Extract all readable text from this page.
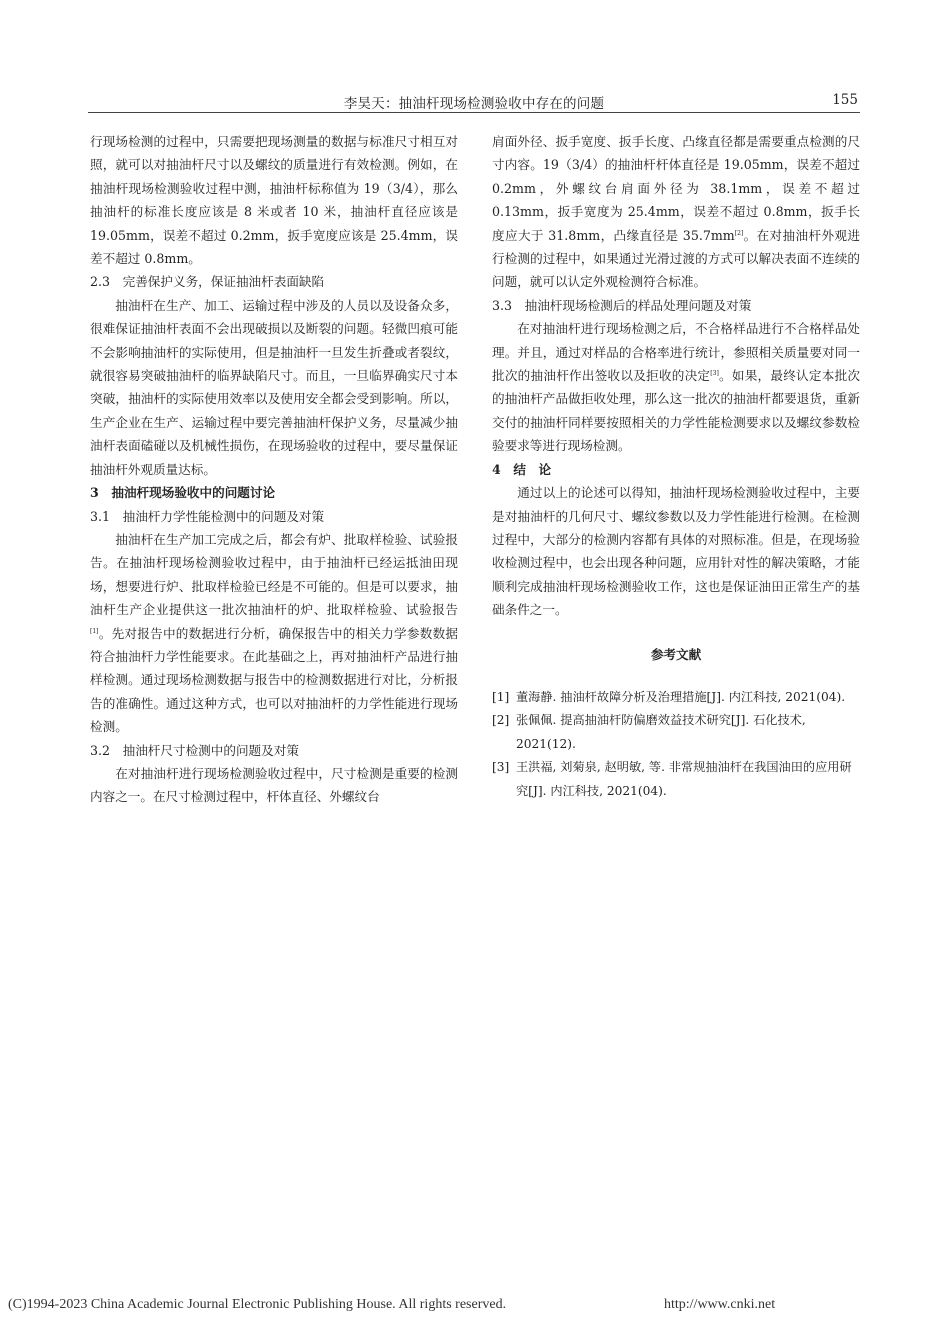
李昊天：抽油杆现场检测验收中存在的问题	155

行现场检测的过程中，只需要把现场测量的数据与标准尺寸相互对照，就可以对抽油杆尺寸以及螺纹的质量进行有效检测。例如，在抽油杆现场检测验收过程中测，抽油杆标称值为 19（3/4），那么抽油杆的标准长度应该是 8 米或者 10 米，抽油杆直径应该是 19.05mm，误差不超过 0.2mm，扳手宽度应该是 25.4mm，误差不超过 0.8mm。

2.3　完善保护义务，保证抽油杆表面缺陷

抽油杆在生产、加工、运输过程中涉及的人员以及设备众多，很难保证抽油杆表面不会出现破损以及断裂的问题。轻微凹痕可能不会影响抽油杆的实际使用，但是抽油杆一旦发生折叠或者裂纹，就很容易突破抽油杆的临界缺陷尺寸。而且，一旦临界确实尺寸本突破，抽油杆的实际使用效率以及使用安全都会受到影响。所以，生产企业在生产、运输过程中要完善抽油杆保护义务，尽量减少抽油杆表面磕碰以及机械性损伤，在现场验收的过程中，要尽量保证抽油杆外观质量达标。

3　抽油杆现场验收中的问题讨论
3.1　抽油杆力学性能检测中的问题及对策

抽油杆在生产加工完成之后，都会有炉、批取样检验、试验报告。在抽油杆现场检测验收过程中，由于抽油杆已经运抵油田现场，想要进行炉、批取样检验已经是不可能的。但是可以要求，抽油杆生产企业提供这一批次抽油杆的炉、批取样检验、试验报告[1]。先对报告中的数据进行分析，确保报告中的相关力学参数数据符合抽油杆力学性能要求。在此基础之上，再对抽油杆产品进行抽样检测。通过现场检测数据与报告中的检测数据进行对比，分析报告的准确性。通过这种方式，也可以对抽油杆的力学性能进行现场检测。

3.2　抽油杆尺寸检测中的问题及对策

在对抽油杆进行现场检测验收过程中，尺寸检测是重要的检测内容之一。在尺寸检测过程中，杆体直径、外螺纹台

肩面外径、扳手宽度、扳手长度、凸缘直径都是需要重点检测的尺寸内容。19（3/4）的抽油杆杆体直径是 19.05mm，误差不超过 0.2mm，外螺纹台肩面外径为 38.1mm，误差不超过 0.13mm，扳手宽度为 25.4mm，误差不超过 0.8mm，扳手长度应大于 31.8mm，凸缘直径是 35.7mm[2]。在对抽油杆外观进行检测的过程中，如果通过光滑过渡的方式可以解决表面不连续的问题，就可以认定外观检测符合标准。

3.3　抽油杆现场检测后的样品处理问题及对策

在对抽油杆进行现场检测之后，不合格样品进行不合格样品处理。并且，通过对样品的合格率进行统计，参照相关质量要对同一批次的抽油杆作出签收以及拒收的决定[3]。如果，最终认定本批次的抽油杆产品做拒收处理，那么这一批次的抽油杆都要退货，重新交付的抽油杆同样要按照相关的力学性能检测要求以及螺纹参数检验要求等进行现场检测。

4　结　论

通过以上的论述可以得知，抽油杆现场检测验收过程中，主要是对抽油杆的几何尺寸、螺纹参数以及力学性能进行检测。在检测过程中，大部分的检测内容都有具体的对照标准。但是，在现场验收检测过程中，也会出现各种问题，应用针对性的解决策略，才能顺利完成抽油杆现场检测验收工作，这也是保证油田正常生产的基础条件之一。

参考文献
[1] 董海静. 抽油杆故障分析及治理措施[J]. 内江科技, 2021(04).
[2] 张佩佩. 提高抽油杆防偏磨效益技术研究[J]. 石化技术, 2021(12).
[3] 王洪福, 刘菊泉, 赵明敏, 等. 非常规抽油杆在我国油田的应用研究[J]. 内江科技, 2021(04).
(C)1994-2023 China Academic Journal Electronic Publishing House. All rights reserved.	http://www.cnki.net
